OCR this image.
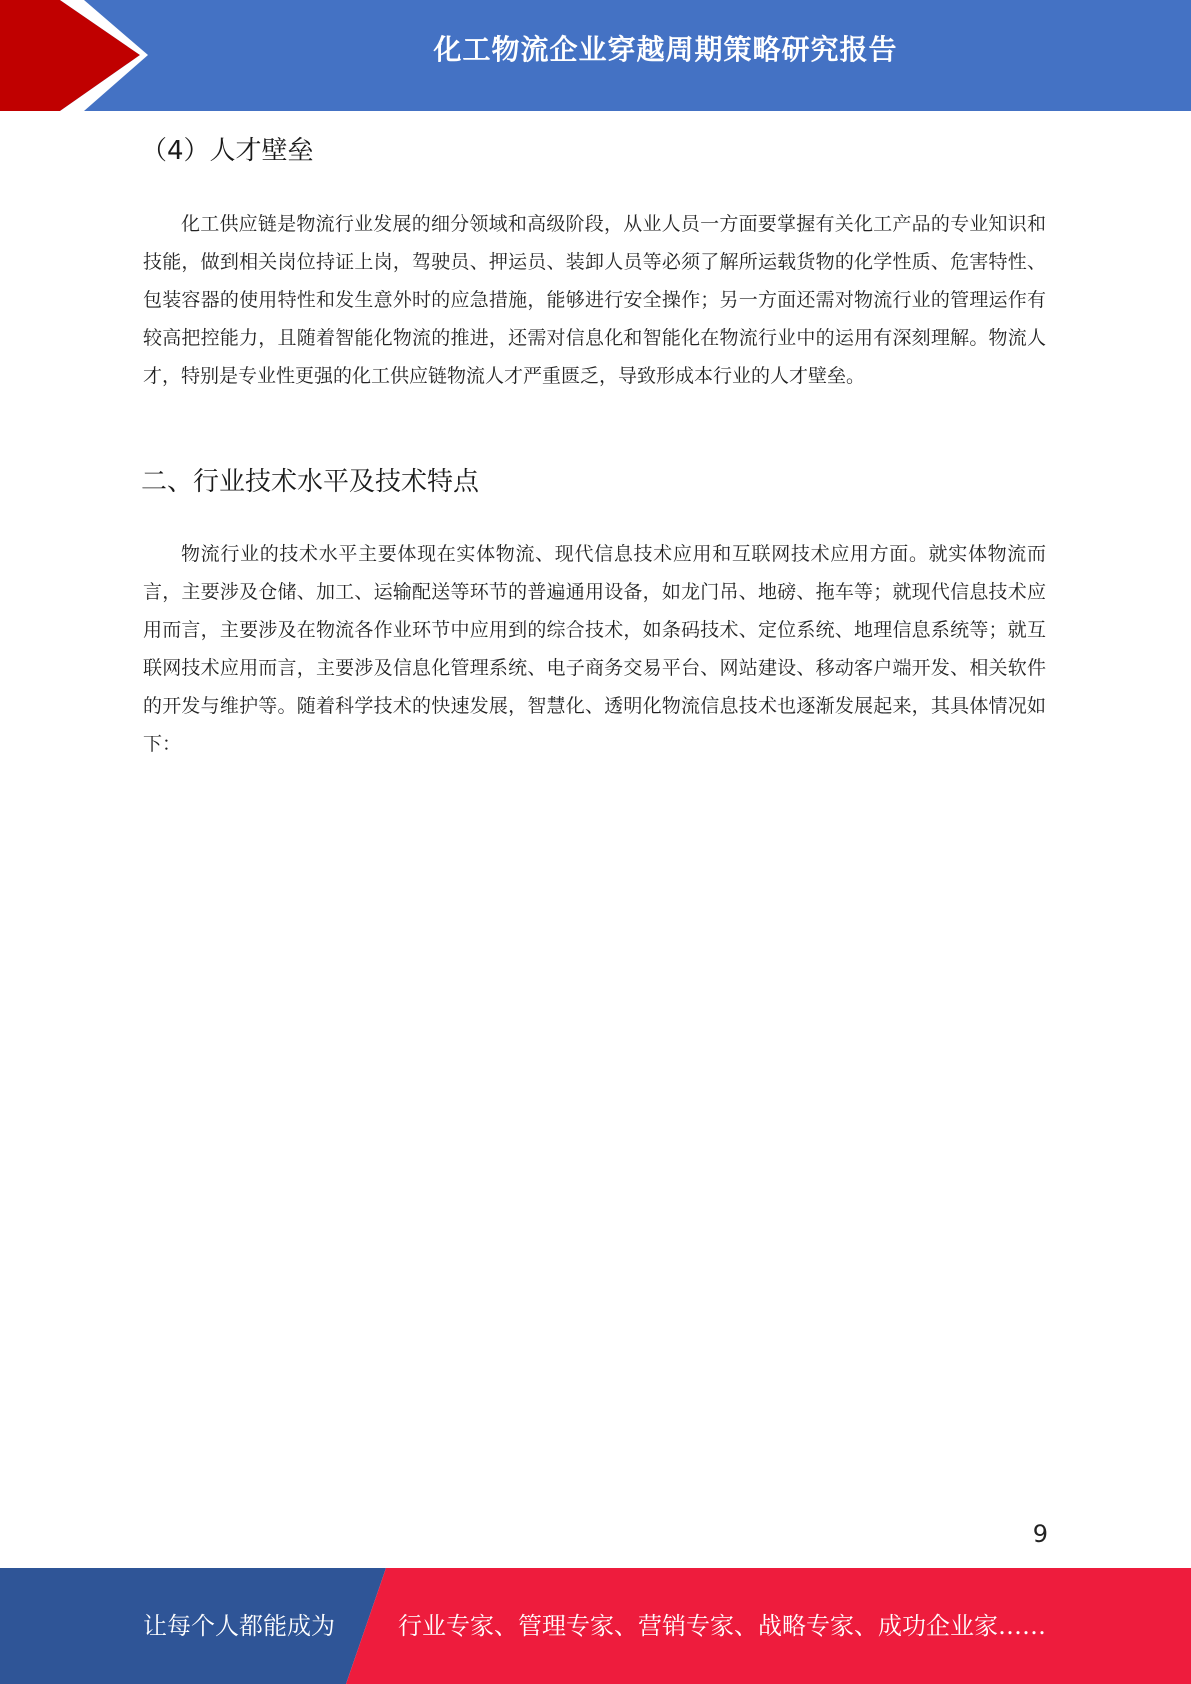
化工物流企业穿越周期策略研究报告
（4）人才壁垒

化工供应链是物流行业发展的细分领域和高级阶段，从业人员一方面要掌握有关化工产品的专业知识和技能，做到相关岗位持证上岗，驾驶员、押运员、装卸人员等必须了解所运载货物的化学性质、危害特性、包装容器的使用特性和发生意外时的应急措施，能够进行安全操作；另一方面还需对物流行业的管理运作有较高把控能力，且随着智能化物流的推进，还需对信息化和智能化在物流行业中的运用有深刻理解。物流人才，特别是专业性更强的化工供应链物流人才严重匮乏，导致形成本行业的人才壁垒。

二、行业技术水平及技术特点

物流行业的技术水平主要体现在实体物流、现代信息技术应用和互联网技术应用方面。就实体物流而言，主要涉及仓储、加工、运输配送等环节的普遍通用设备，如龙门吊、地磅、拖车等；就现代信息技术应用而言，主要涉及在物流各作业环节中应用到的综合技术，如条码技术、定位系统、地理信息系统等；就互联网技术应用而言，主要涉及信息化管理系统、电子商务交易平台、网站建设、移动客户端开发、相关软件的开发与维护等。随着科学技术的快速发展，智慧化、透明化物流信息技术也逐渐发展起来，其具体情况如下：

9
让每个人都能成为	行业专家、管理专家、营销专家、战略专家、成功企业家……
